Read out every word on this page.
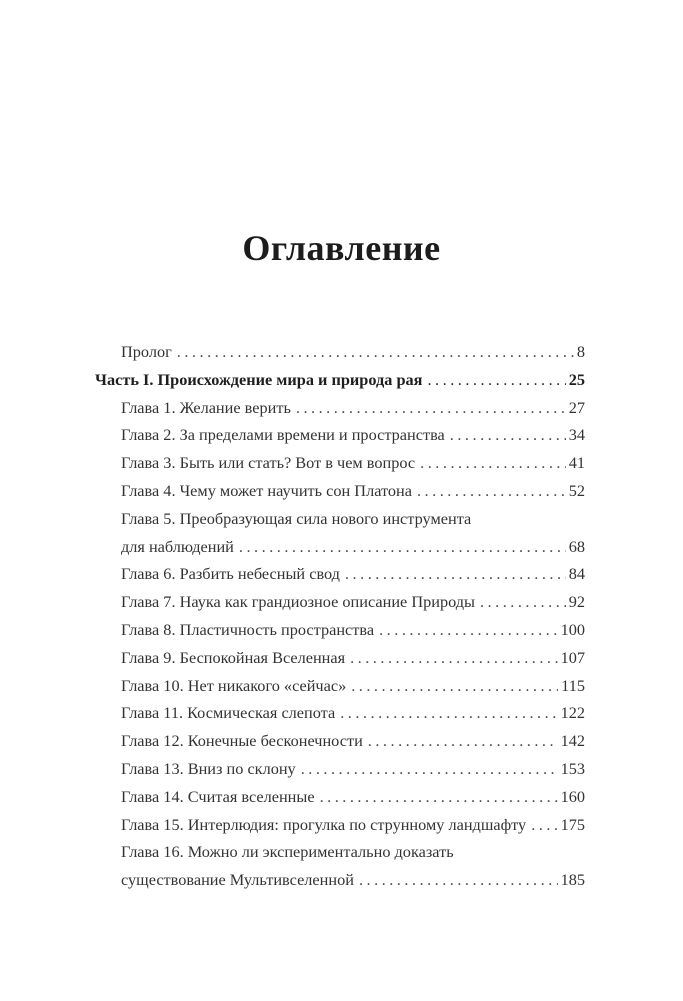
Оглавление
Пролог .....	8
Часть I. Происхождение мира и природа рая .....	25
Глава 1. Желание верить .....	27
Глава 2. За пределами времени и пространства .....	34
Глава 3. Быть или стать? Вот в чем вопрос .....	41
Глава 4. Чему может научить сон Платона .....	52
Глава 5. Преобразующая сила нового инструмента
для наблюдений .....	68
Глава 6. Разбить небесный свод .....	84
Глава 7. Наука как грандиозное описание Природы .....	92
Глава 8. Пластичность пространства .....	100
Глава 9. Беспокойная Вселенная .....	107
Глава 10. Нет никакого «сейчас» .....	115
Глава 11. Космическая слепота .....	122
Глава 12. Конечные бесконечности .....	142
Глава 13. Вниз по склону .....	153
Глава 14. Считая вселенные .....	160
Глава 15. Интерлюдия: прогулка по струнному ландшафту ..... 175
Глава 16. Можно ли экспериментально доказать
существование Мультивселенной .....	185
